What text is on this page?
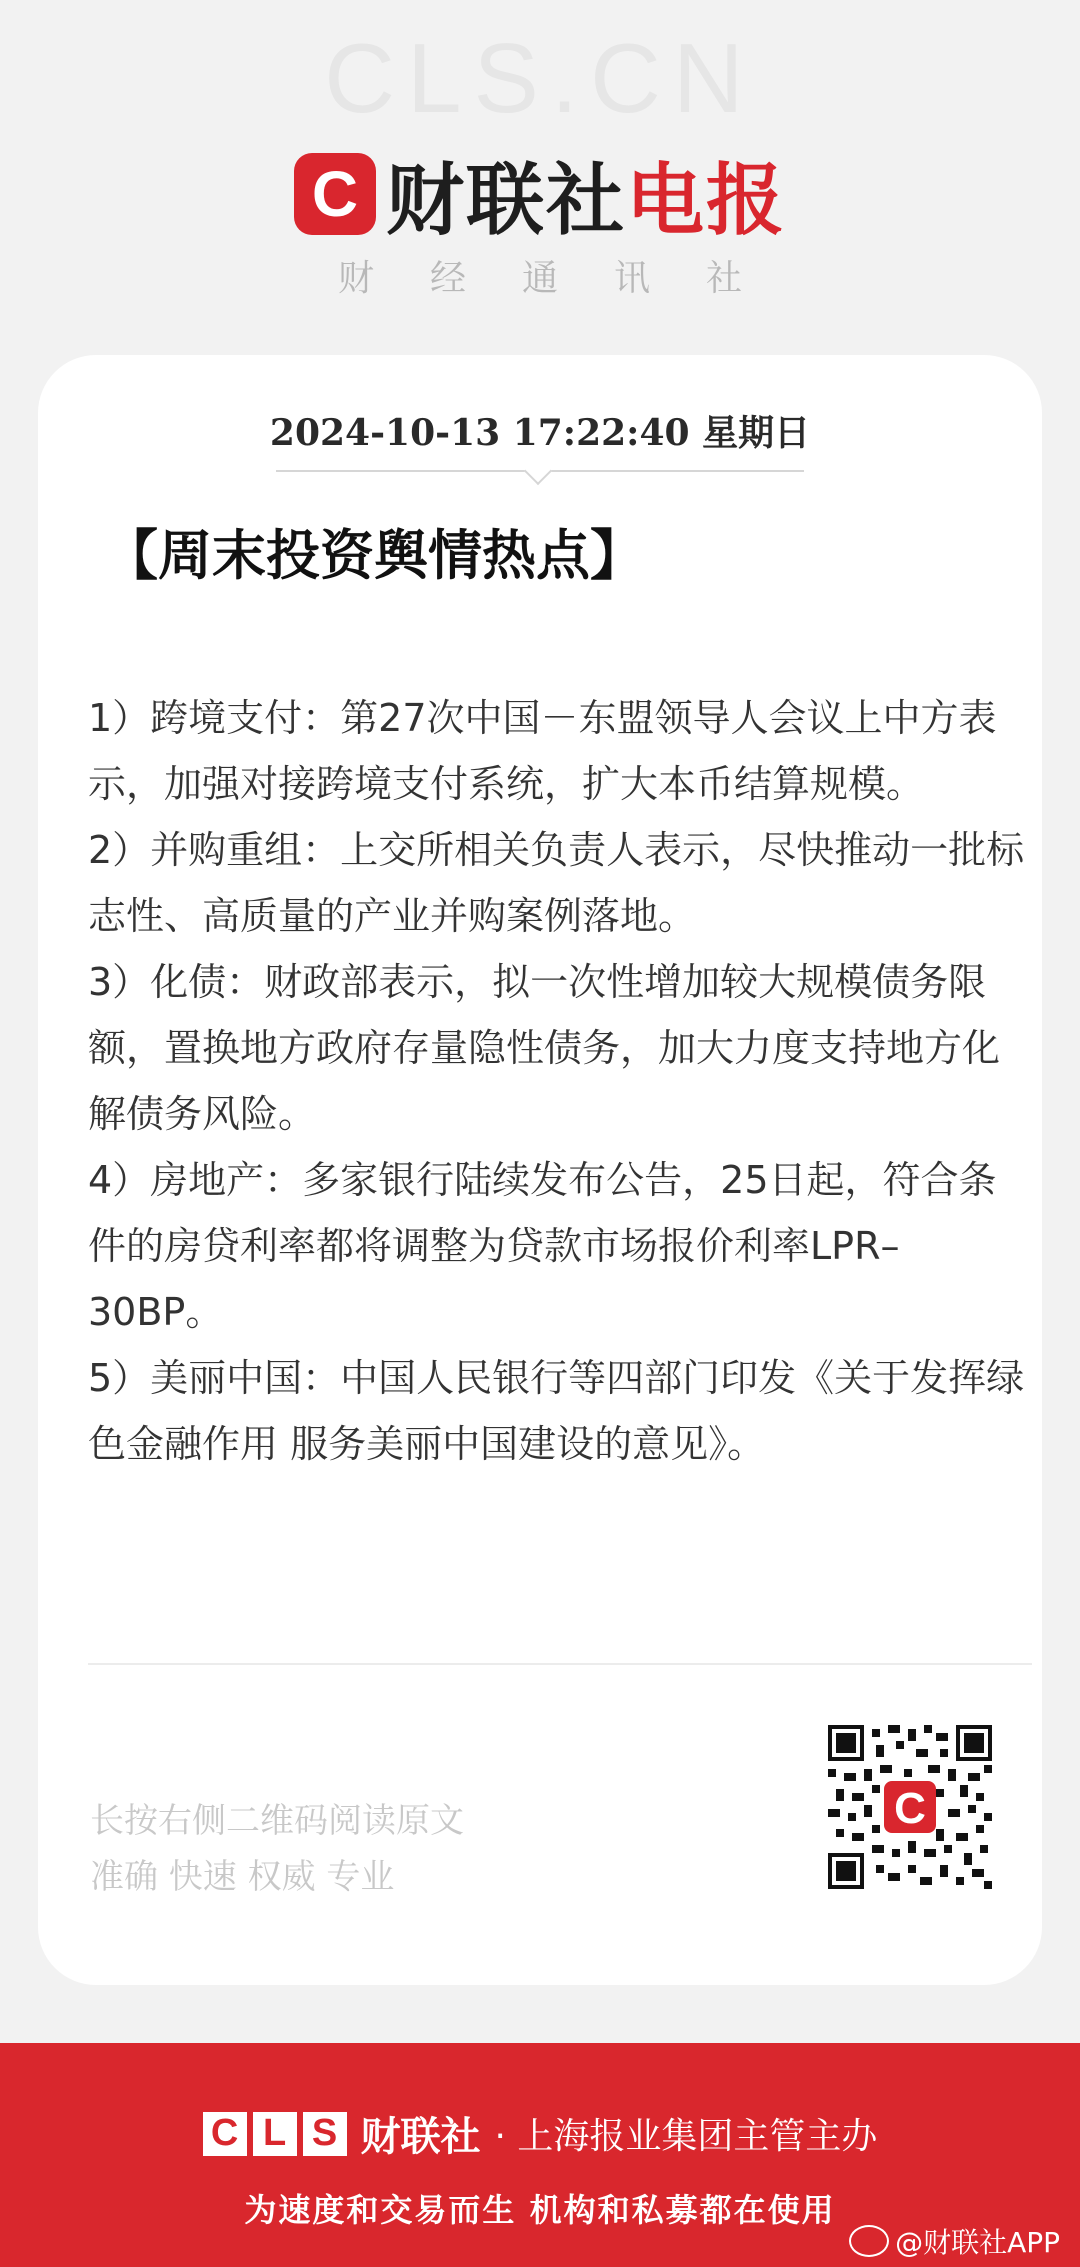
CLS.CN
C 财联社 电报
财 经 通 讯 社
2024-10-13 17:22:40 星期日
【周末投资舆情热点】

1）跨境支付：第27次中国－东盟领导人会议上中方表示，加强对接跨境支付系统，扩大本币结算规模。

2）并购重组：上交所相关负责人表示，尽快推动一批标志性、高质量的产业并购案例落地。

3）化债：财政部表示，拟一次性增加较大规模债务限额，置换地方政府存量隐性债务，加大力度支持地方化解债务风险。

4）房地产：多家银行陆续发布公告，25日起，符合条件的房贷利率都将调整为贷款市场报价利率LPR–30BP。

5）美丽中国：中国人民银行等四部门印发《关于发挥绿色金融作用 服务美丽中国建设的意见》。

长按右侧二维码阅读原文
准确 快速 权威 专业
C
C L S 财联社 · 上海报业集团主管主办
为速度和交易而生 机构和私募都在使用
@财联社APP
